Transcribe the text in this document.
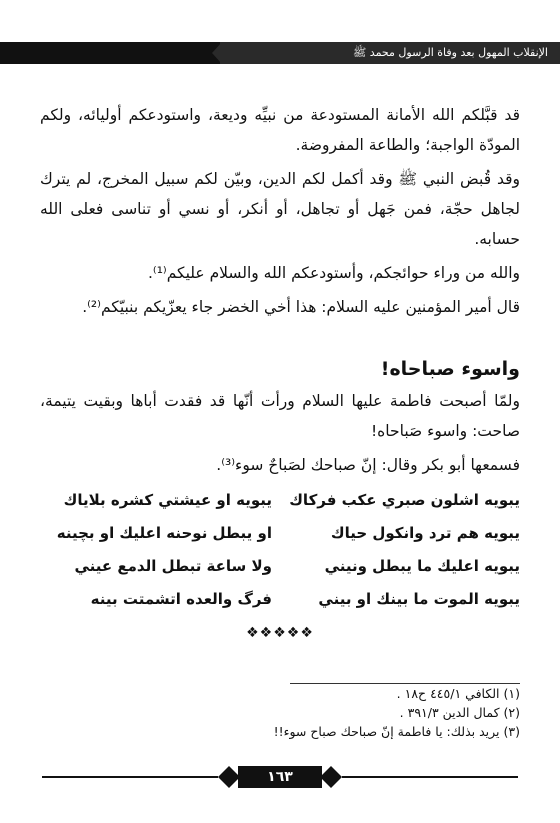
الإنقلاب المهول بعد وفاة الرسول محمد ﷺ

قد قبَّلكم الله الأمانة المستودعة من نبيِّه وديعة، واستودعكم أوليائه، ولكم المودّة الواجبة؛ والطاعة المفروضة.

وقد قُبض النبي ﷺ وقد أكمل لكم الدين، وبيّن لكم سبيل المخرج، لم يترك لجاهل حجّة، فمن جَهل أو تجاهل، أو أنكر، أو نسي أو تناسى فعلى الله حسابه.

والله من وراء حوائجكم، وأستودعكم الله والسلام عليكم⁽¹⁾.

قال أمير المؤمنين عليه السلام: هذا أخي الخضر جاء يعزّيكم بنبيّكم⁽²⁾.

واسوء صباحاه!

ولمّا أصبحت فاطمة عليها السلام ورأت أنّها قد فقدت أباها وبقيت يتيمة، صاحت: واسوء صَباحاه!

فسمعها أبو بكر وقال: إنّ صباحك لصَباحٌ سوء⁽³⁾.

يبويه اشلون صبري عكب فركاك
يبويه او عيشتي كشره بلاياك
يبويه هم ترد وانكول حياك
او يبطل نوحنه اعليك او بچينه
يبويه اعليك ما يبطل ونيني
ولا ساعة تبطل الدمع عيني
يبويه الموت ما بينك او بيني
فرگ والعده اتشمتت بينه
❖❖❖❖❖
(١) الكافي ٤٤٥/١ ح١٨ .
(٢) كمال الدين ٣٩١/٣ .
(٣) يريد بذلك: يا فاطمة إنّ صباحك صباح سوء!!
١٦٣
